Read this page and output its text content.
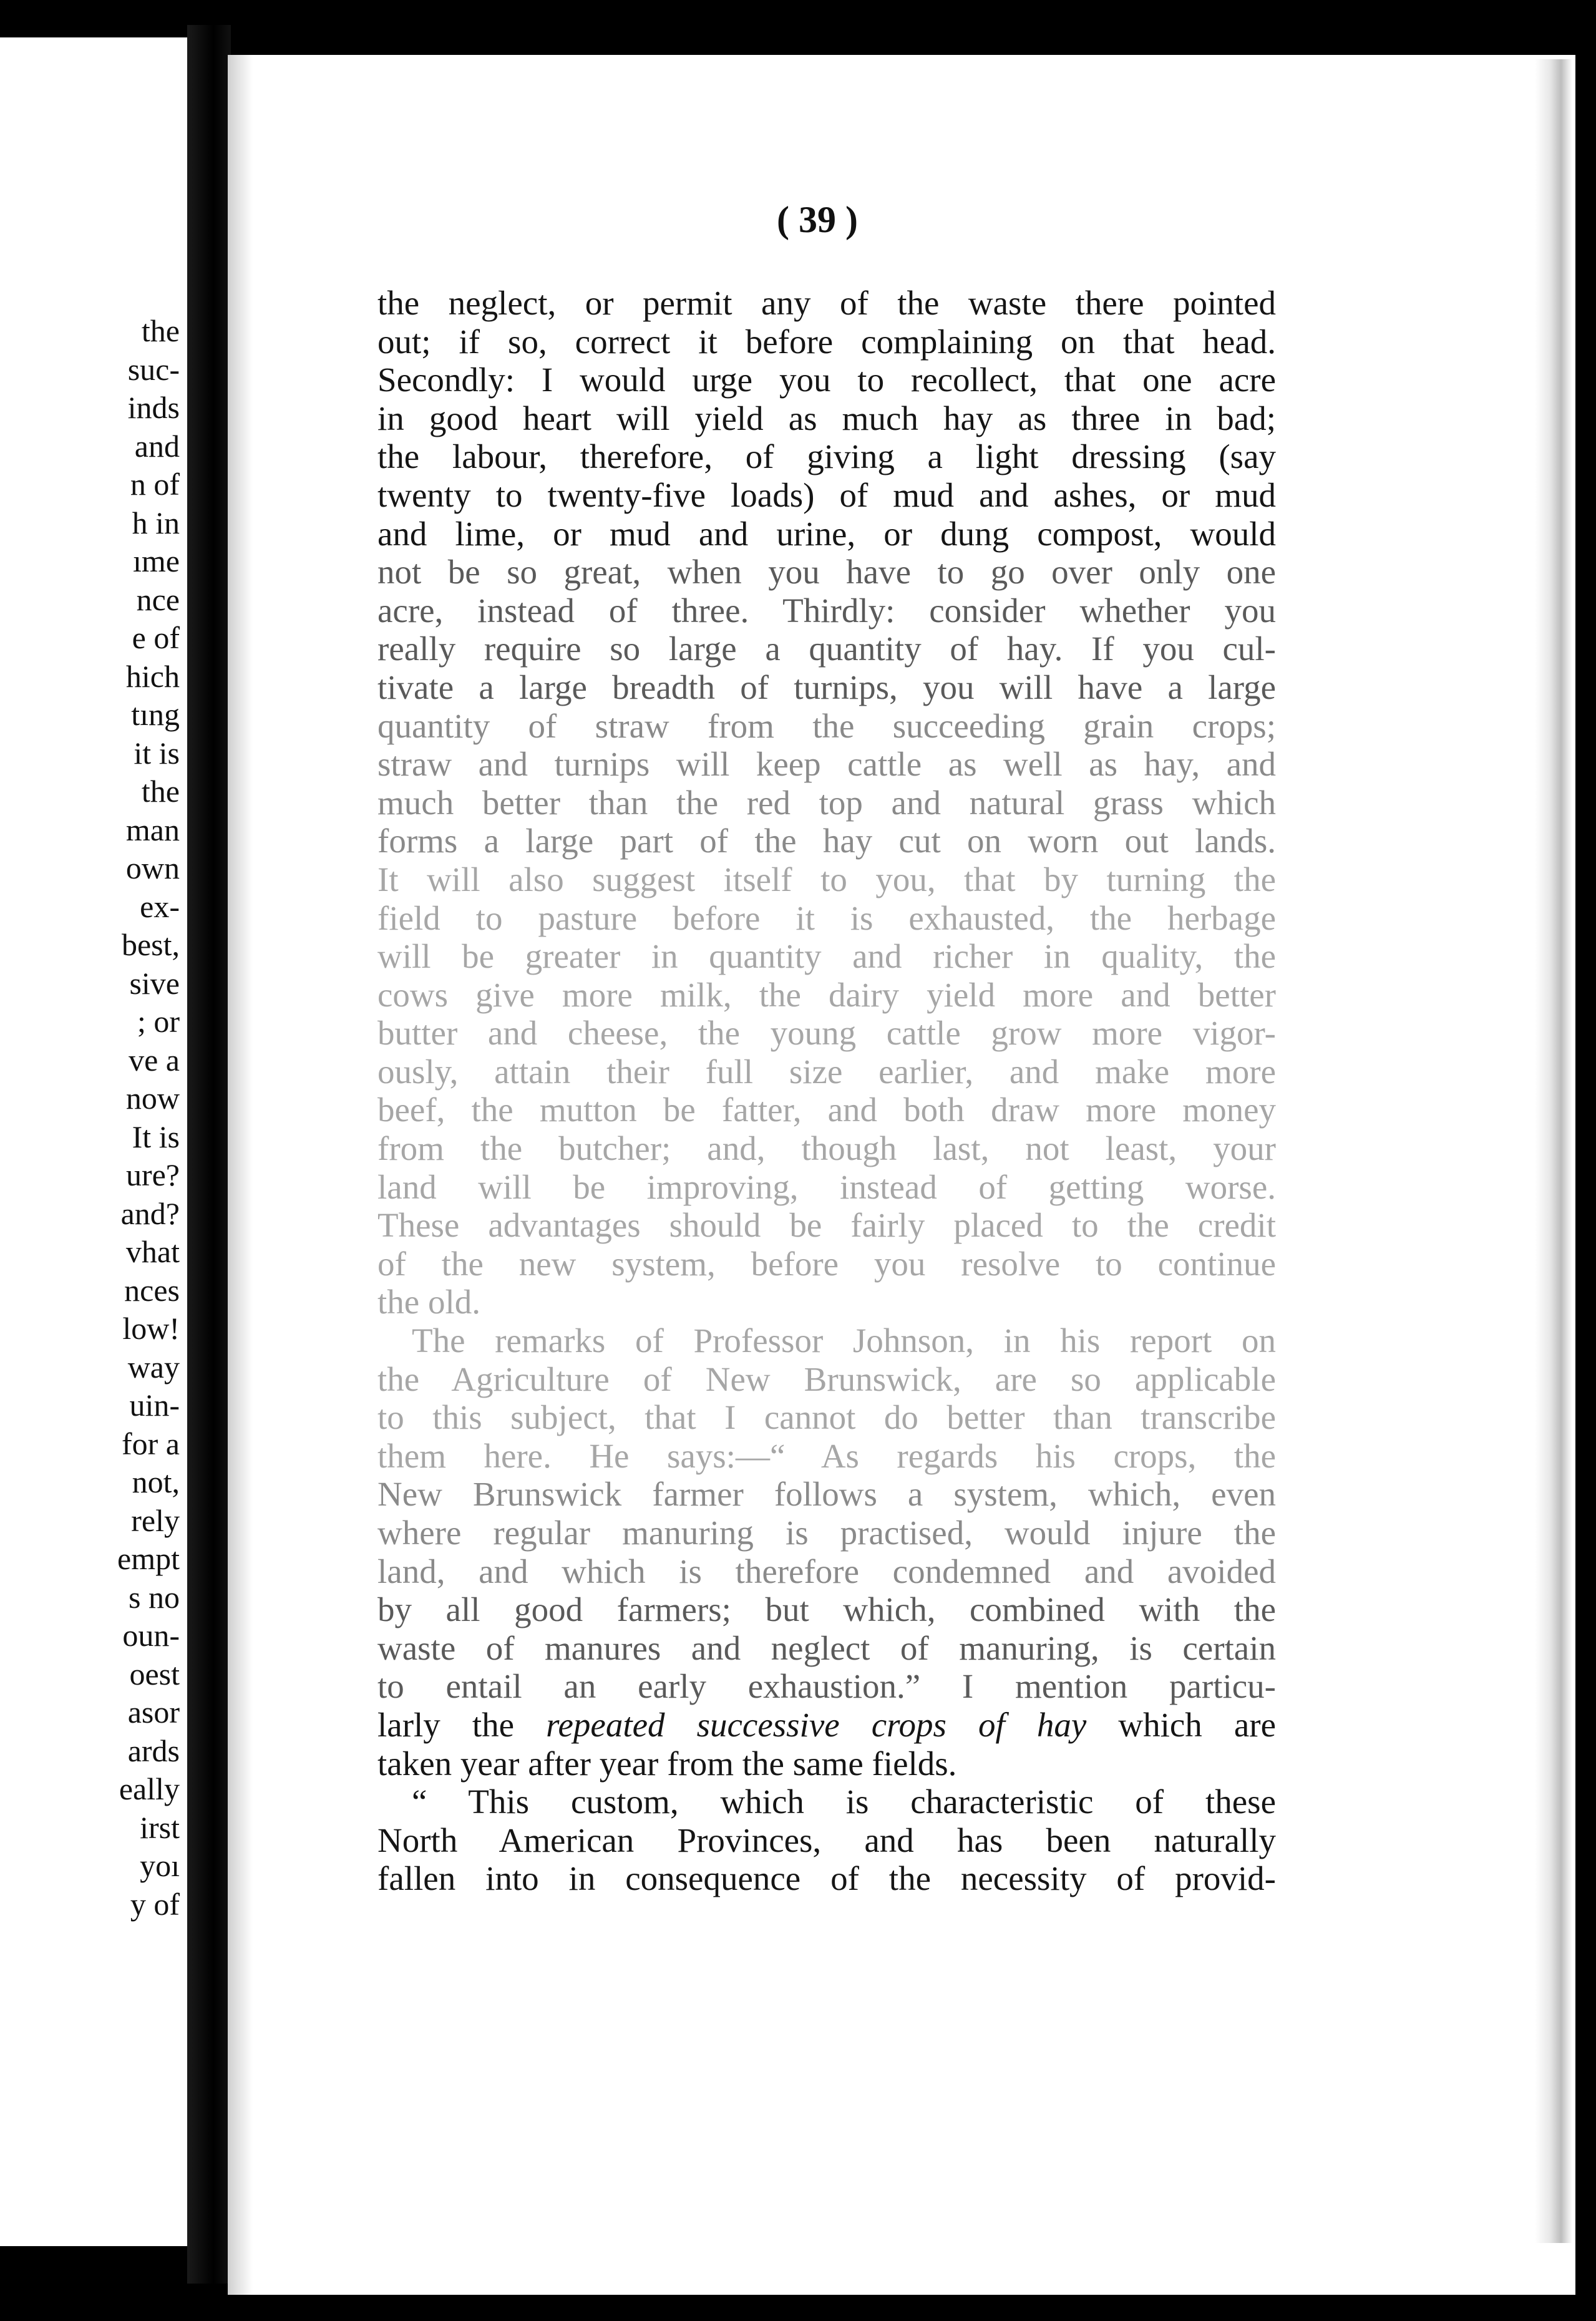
the
suc-
inds
and
n of
h in
ıme
nce
e of
hich
tıng
it is
the
man
own
ex-
best,
sive
; or
ve a
now
It is
ure?
and?
vhat
nces
low!
way
uin-
for a
not,
rely
empt
s no
oun-
oest
asor
ards
eally
irst
yoı
y of
( 39 )
the neglect, or permit any of the waste there pointed
out; if so, correct it before complaining on that head.
Secondly: I would urge you to recollect, that one acre
in good heart will yield as much hay as three in bad;
the labour, therefore, of giving a light dressing (say
twenty to twenty-five loads) of mud and ashes, or mud
and lime, or mud and urine, or dung compost, would
not be so great, when you have to go over only one
acre, instead of three. Thirdly: consider whether you
really require so large a quantity of hay. If you cul-
tivate a large breadth of turnips, you will have a large
quantity of straw from the succeeding grain crops;
straw and turnips will keep cattle as well as hay, and
much better than the red top and natural grass which
forms a large part of the hay cut on worn out lands.
It will also suggest itself to you, that by turning the
field to pasture before it is exhausted, the herbage
will be greater in quantity and richer in quality, the
cows give more milk, the dairy yield more and better
butter and cheese, the young cattle grow more vigor-
ously, attain their full size earlier, and make more
beef, the mutton be fatter, and both draw more money
from the butcher; and, though last, not least, your
land will be improving, instead of getting worse.
These advantages should be fairly placed to the credit
of the new system, before you resolve to continue
the old.
The remarks of Professor Johnson, in his report on
the Agriculture of New Brunswick, are so applicable
to this subject, that I cannot do better than transcribe
them here. He says:—“ As regards his crops, the
New Brunswick farmer follows a system, which, even
where regular manuring is practised, would injure the
land, and which is therefore condemned and avoided
by all good farmers; but which, combined with the
waste of manures and neglect of manuring, is certain
to entail an early exhaustion.” I mention particu-
larly the repeated successive crops of hay which are
taken year after year from the same fields.
“ This custom, which is characteristic of these
North American Provinces, and has been naturally
fallen into in consequence of the necessity of provid-
